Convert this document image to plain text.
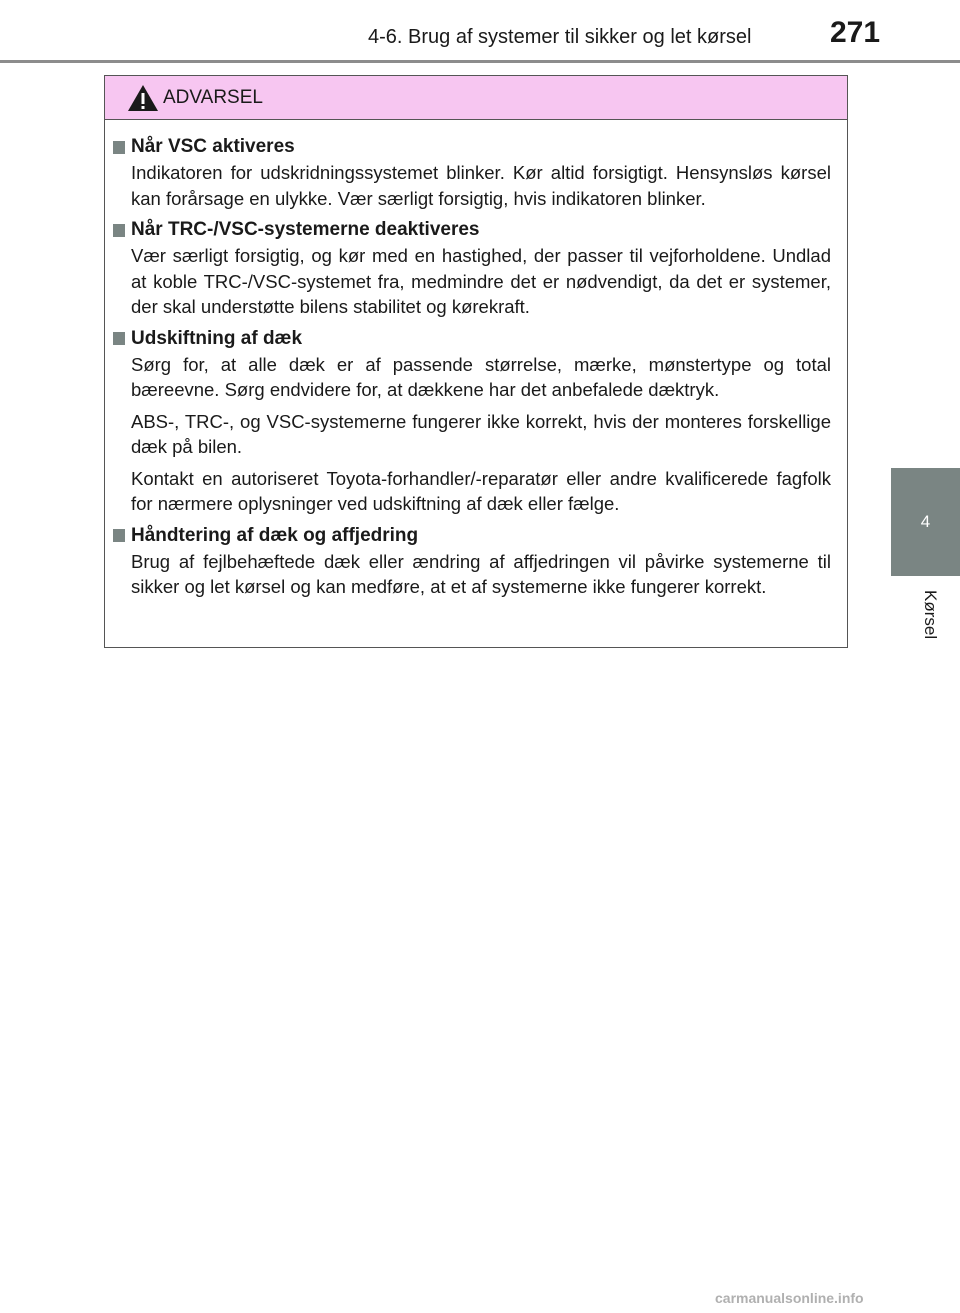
4-6. Brug af systemer til sikker og let kørsel	271
4
Kørsel
ADVARSEL
Når VSC aktiveres

Indikatoren for udskridningssystemet blinker. Kør altid forsigtigt. Hensynsløs kørsel kan forårsage en ulykke. Vær særligt forsigtig, hvis indikatoren blinker.

Når TRC-/VSC-systemerne deaktiveres

Vær særligt forsigtig, og kør med en hastighed, der passer til vejforholdene. Undlad at koble TRC-/VSC-systemet fra, medmindre det er nødvendigt, da det er systemer, der skal understøtte bilens stabilitet og kørekraft.

Udskiftning af dæk

Sørg for, at alle dæk er af passende størrelse, mærke, mønstertype og total bæreevne. Sørg endvidere for, at dækkene har det anbefalede dæktryk.

ABS-, TRC-, og VSC-systemerne fungerer ikke korrekt, hvis der monteres forskellige dæk på bilen.

Kontakt en autoriseret Toyota-forhandler/-reparatør eller andre kvalificerede fagfolk for nærmere oplysninger ved udskiftning af dæk eller fælge.

Håndtering af dæk og affjedring

Brug af fejlbehæftede dæk eller ændring af affjedringen vil påvirke systemerne til sikker og let kørsel og kan medføre, at et af systemerne ikke fungerer korrekt.

carmanualsonline.info
